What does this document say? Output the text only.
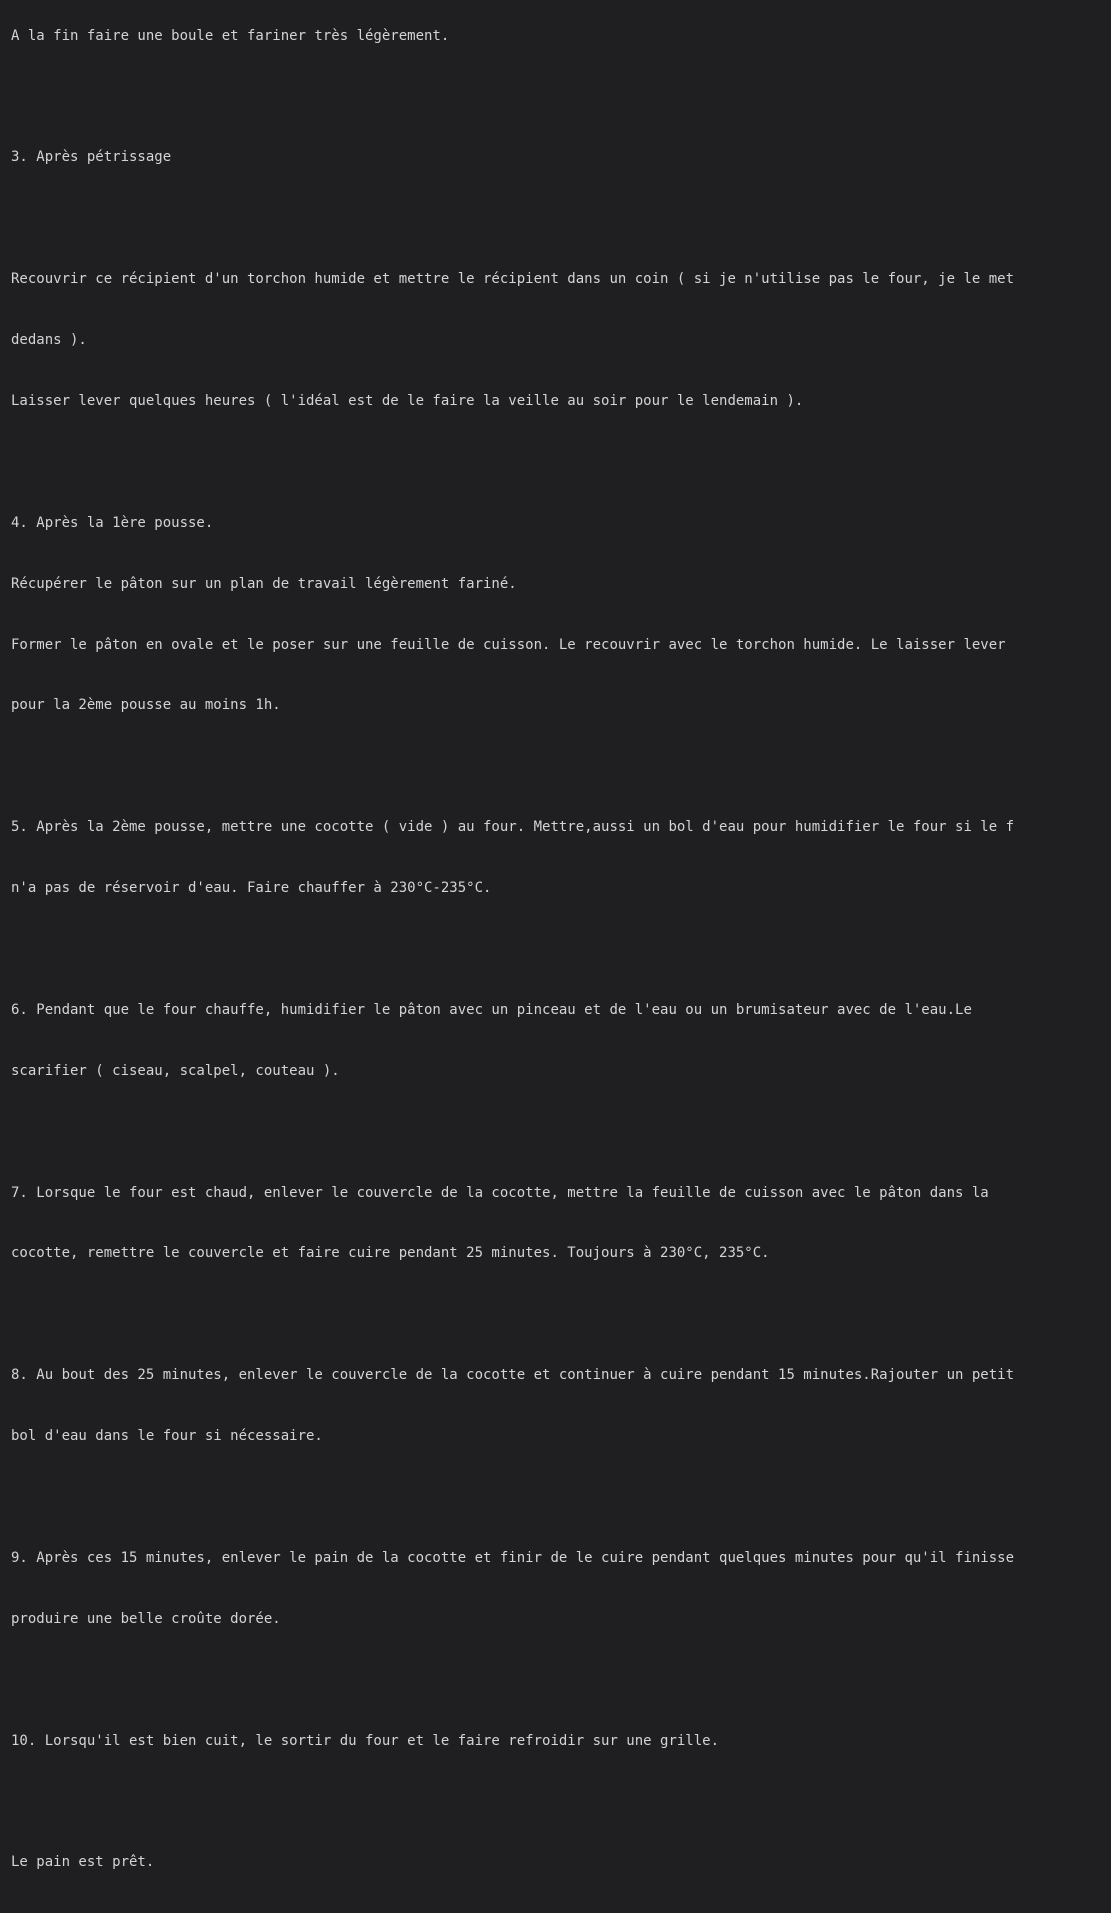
A la fin faire une boule et fariner très légèrement.

3. Après pétrissage

Recouvrir ce récipient d'un torchon humide et mettre le récipient dans un coin ( si je n'utilise pas le four, je le met

dedans ).

Laisser lever quelques heures ( l'idéal est de le faire la veille au soir pour le lendemain ).

4. Après la 1ère pousse.

Récupérer le pâton sur un plan de travail légèrement fariné.

Former le pâton en ovale et le poser sur une feuille de cuisson. Le recouvrir avec le torchon humide. Le laisser lever

pour la 2ème pousse au moins 1h.

5. Après la 2ème pousse, mettre une cocotte ( vide ) au four. Mettre,aussi un bol d'eau pour humidifier le four si le f

n'a pas de réservoir d'eau. Faire chauffer à 230°C-235°C.

6. Pendant que le four chauffe, humidifier le pâton avec un pinceau et de l'eau ou un brumisateur avec de l'eau.Le

scarifier ( ciseau, scalpel, couteau ).

7. Lorsque le four est chaud, enlever le couvercle de la cocotte, mettre la feuille de cuisson avec le pâton dans la

cocotte, remettre le couvercle et faire cuire pendant 25 minutes. Toujours à 230°C, 235°C.

8. Au bout des 25 minutes, enlever le couvercle de la cocotte et continuer à cuire pendant 15 minutes.Rajouter un petit

bol d'eau dans le four si nécessaire.

9. Après ces 15 minutes, enlever le pain de la cocotte et finir de le cuire pendant quelques minutes pour qu'il finisse

produire une belle croûte dorée.

10. Lorsqu'il est bien cuit, le sortir du four et le faire refroidir sur une grille.

Le pain est prêt.
